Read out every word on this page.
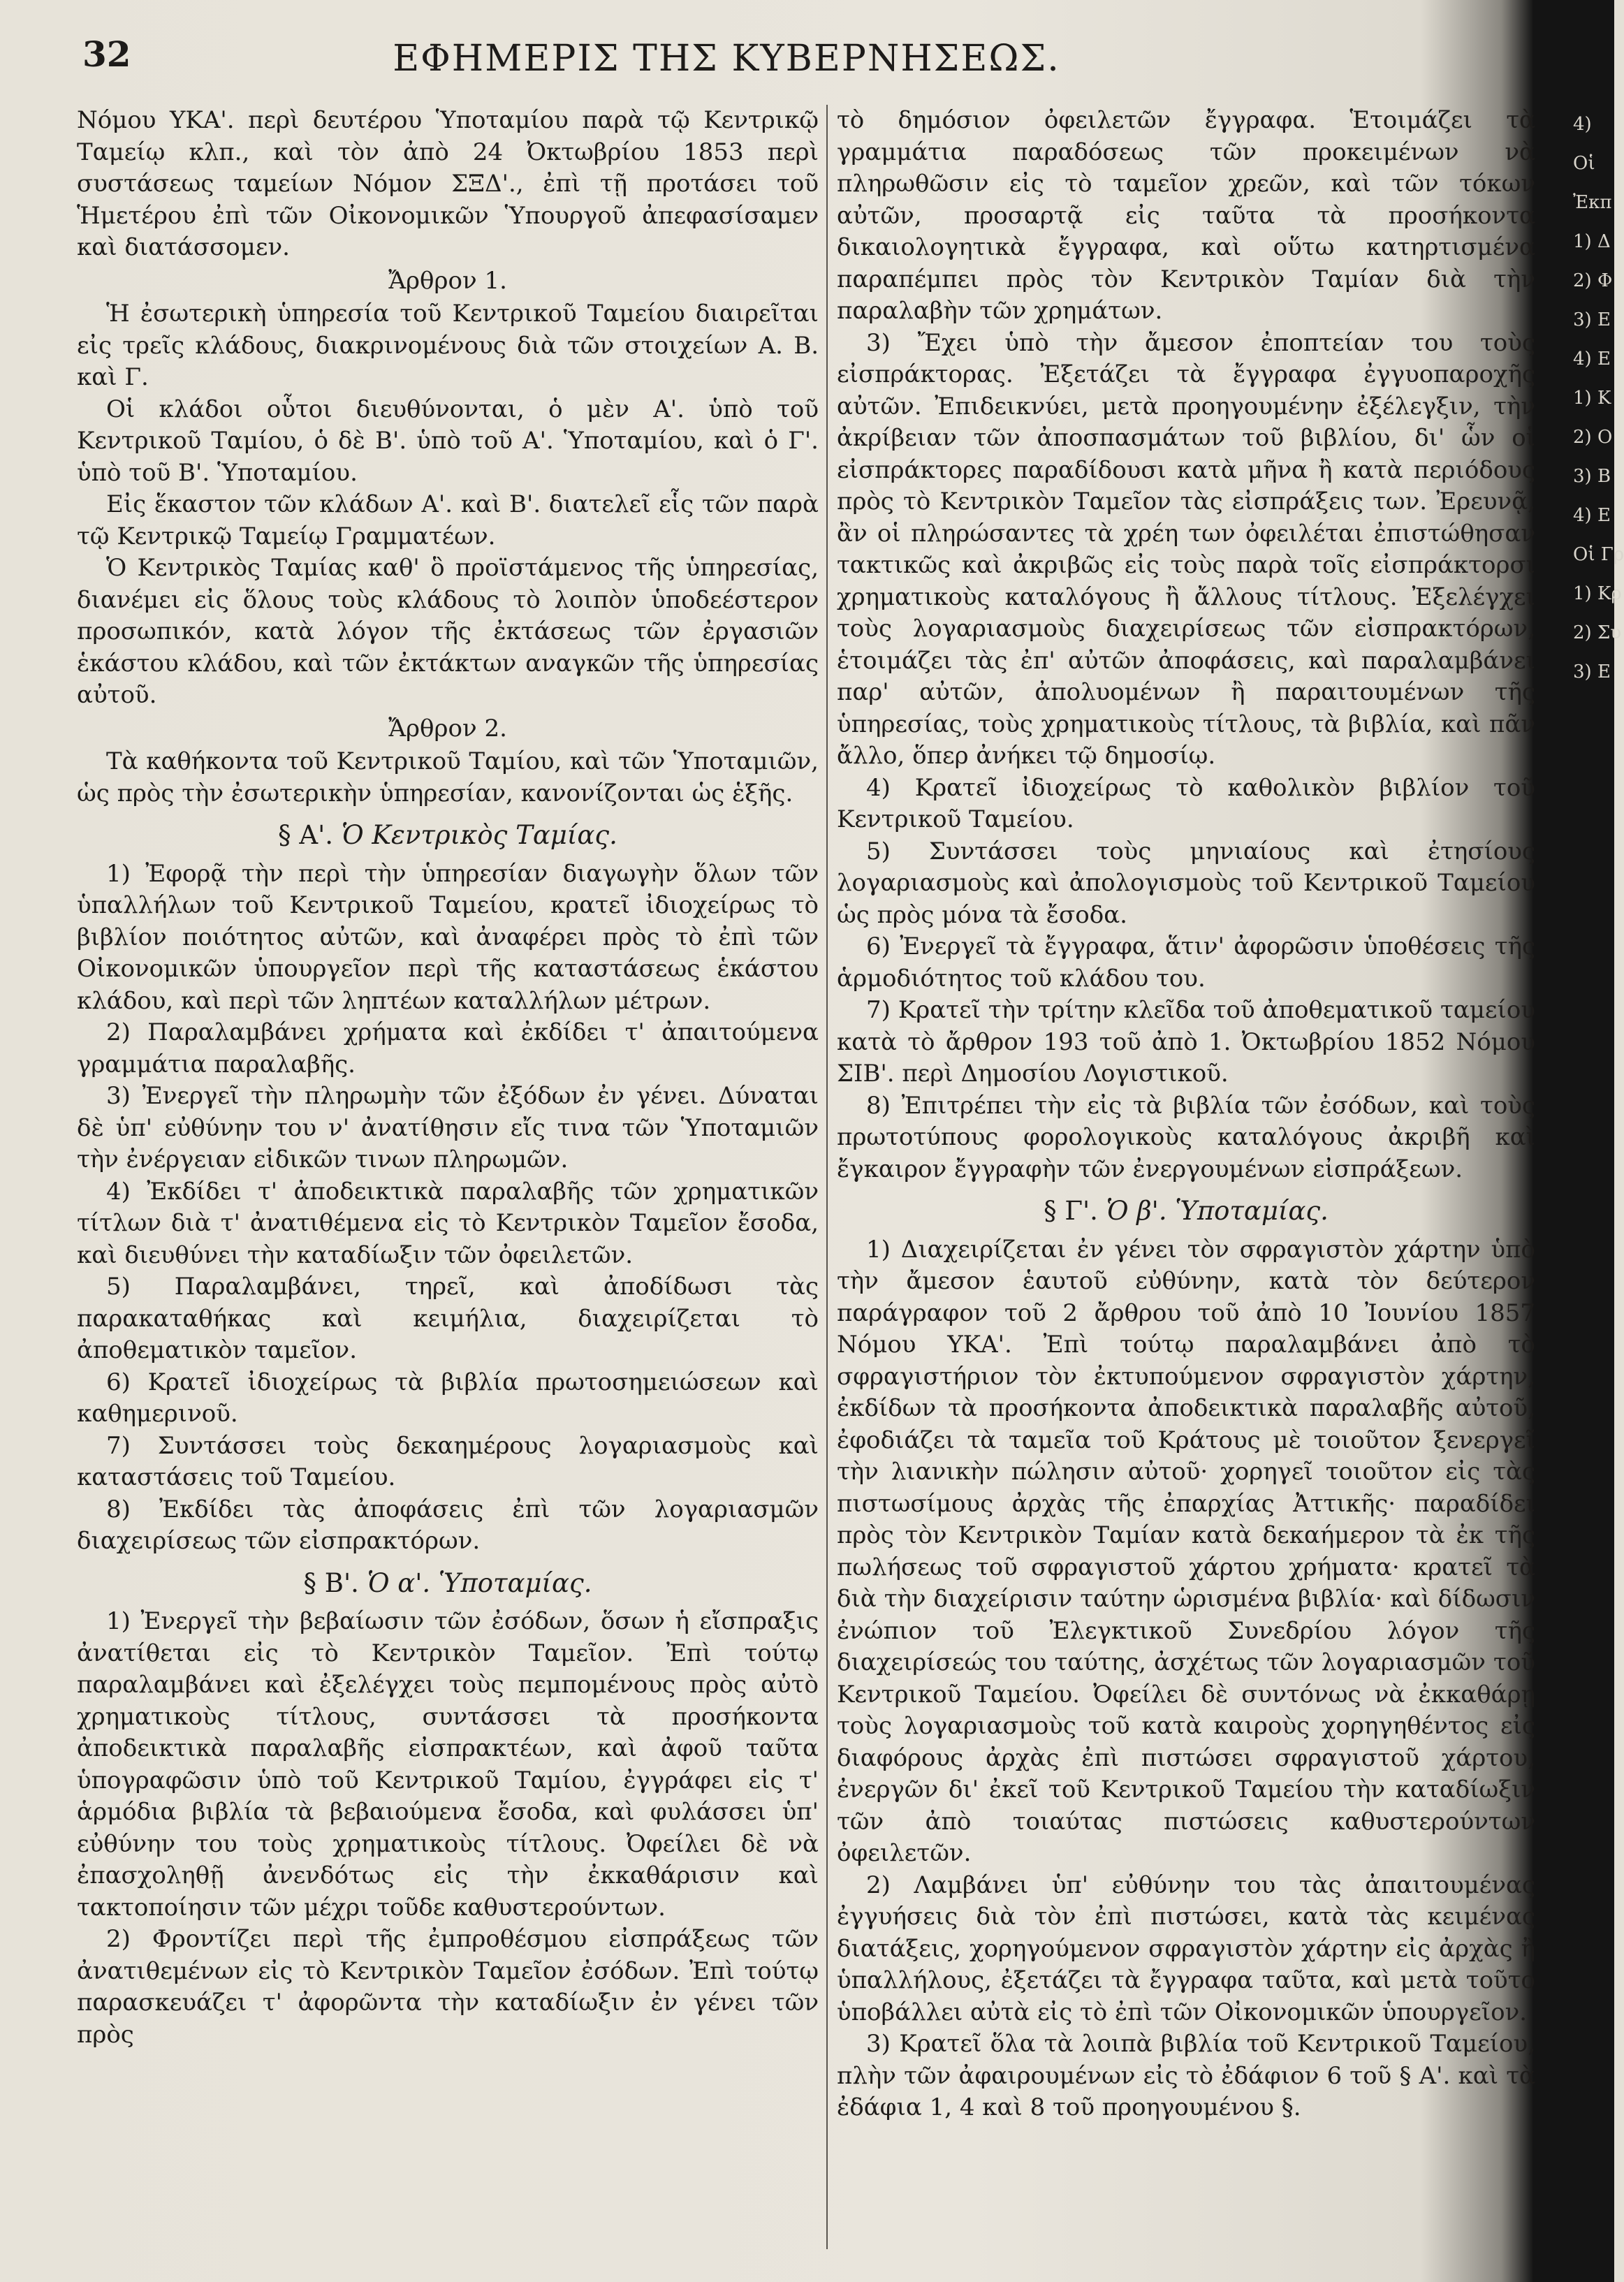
32	ΕΦΗΜΕΡΙΣ ΤΗΣ ΚΥΒΕΡΝΗΣΕΩΣ.

Νόμου ΥΚΑ'. περὶ δευτέρου Ὑποταμίου παρὰ τῷ Κεντρικῷ Ταμείῳ κλπ., καὶ τὸν ἀπὸ 24 Ὀκτωβρίου 1853 περὶ συστάσεως ταμείων Νόμον ΣΞΔ'., ἐπὶ τῇ προτάσει τοῦ Ἡμετέρου ἐπὶ τῶν Οἰκονομικῶν Ὑπουργοῦ ἀπεφασίσαμεν καὶ διατάσσομεν.

Ἄρθρον 1.

Ἡ ἐσωτερικὴ ὑπηρεσία τοῦ Κεντρικοῦ Ταμείου διαιρεῖται εἰς τρεῖς κλάδους, διακρινομένους διὰ τῶν στοιχείων Α. Β. καὶ Γ.

Οἱ κλάδοι οὗτοι διευθύνονται, ὁ μὲν Α'. ὑπὸ τοῦ Κεντρικοῦ Ταμίου, ὁ δὲ Β'. ὑπὸ τοῦ Α'. Ὑποταμίου, καὶ ὁ Γ'. ὑπὸ τοῦ Β'. Ὑποταμίου.

Εἰς ἕκαστον τῶν κλάδων Α'. καὶ Β'. διατελεῖ εἷς τῶν παρὰ τῷ Κεντρικῷ Ταμείῳ Γραμματέων.

Ὁ Κεντρικὸς Ταμίας καθ' ὃ προϊστάμενος τῆς ὑπηρεσίας, διανέμει εἰς ὅλους τοὺς κλάδους τὸ λοιπὸν ὑποδεέστερον προσωπικόν, κατὰ λόγον τῆς ἐκτάσεως τῶν ἐργασιῶν ἑκάστου κλάδου, καὶ τῶν ἐκτάκτων αναγκῶν τῆς ὑπηρεσίας αὐτοῦ.

Ἄρθρον 2.

Τὰ καθήκοντα τοῦ Κεντρικοῦ Ταμίου, καὶ τῶν Ὑποταμιῶν, ὡς πρὸς τὴν ἐσωτερικὴν ὑπηρεσίαν, κανονίζονται ὡς ἑξῆς.

§ Α'. Ὁ Κεντρικὸς Ταμίας.

1) Ἐφορᾷ τὴν περὶ τὴν ὑπηρεσίαν διαγωγὴν ὅλων τῶν ὑπαλλήλων τοῦ Κεντρικοῦ Ταμείου, κρατεῖ ἰδιοχείρως τὸ βιβλίον ποιότητος αὐτῶν, καὶ ἀναφέρει πρὸς τὸ ἐπὶ τῶν Οἰκονομικῶν ὑπουργεῖον περὶ τῆς καταστάσεως ἑκάστου κλάδου, καὶ περὶ τῶν ληπτέων καταλλήλων μέτρων.

2) Παραλαμβάνει χρήματα καὶ ἐκδίδει τ' ἀπαιτούμενα γραμμάτια παραλαβῆς.

3) Ἐνεργεῖ τὴν πληρωμὴν τῶν ἐξόδων ἐν γένει. Δύναται δὲ ὑπ' εὐθύνην του ν' ἀνατίθησιν εἴς τινα τῶν Ὑποταμιῶν τὴν ἐνέργειαν εἰδικῶν τινων πληρωμῶν.

4) Ἐκδίδει τ' ἀποδεικτικὰ παραλαβῆς τῶν χρηματικῶν τίτλων διὰ τ' ἀνατιθέμενα εἰς τὸ Κεντρικὸν Ταμεῖον ἔσοδα, καὶ διευθύνει τὴν καταδίωξιν τῶν ὀφειλετῶν.

5) Παραλαμβάνει, τηρεῖ, καὶ ἀποδίδωσι τὰς παρακαταθήκας καὶ κειμήλια, διαχειρίζεται τὸ ἀποθεματικὸν ταμεῖον.

6) Κρατεῖ ἰδιοχείρως τὰ βιβλία πρωτοσημειώσεων καὶ καθημερινοῦ.

7) Συντάσσει τοὺς δεκαημέρους λογαριασμοὺς καὶ καταστάσεις τοῦ Ταμείου.

8) Ἐκδίδει τὰς ἀποφάσεις ἐπὶ τῶν λογαριασμῶν διαχειρίσεως τῶν εἰσπρακτόρων.

§ Β'. Ὁ α'. Ὑποταμίας.

1) Ἐνεργεῖ τὴν βεβαίωσιν τῶν ἐσόδων, ὅσων ἡ εἴσπραξις ἀνατίθεται εἰς τὸ Κεντρικὸν Ταμεῖον. Ἐπὶ τούτῳ παραλαμβάνει καὶ ἐξελέγχει τοὺς πεμπομένους πρὸς αὐτὸ χρηματικοὺς τίτλους, συντάσσει τὰ προσήκοντα ἀποδεικτικὰ παραλαβῆς εἰσπρακτέων, καὶ ἀφοῦ ταῦτα ὑπογραφῶσιν ὑπὸ τοῦ Κεντρικοῦ Ταμίου, ἐγγράφει εἰς τ' ἁρμόδια βιβλία τὰ βεβαιούμενα ἔσοδα, καὶ φυλάσσει ὑπ' εὐθύνην του τοὺς χρηματικοὺς τίτλους. Ὀφείλει δὲ νὰ ἐπασχοληθῇ ἀνενδότως εἰς τὴν ἐκκαθάρισιν καὶ τακτοποίησιν τῶν μέχρι τοῦδε καθυστερούντων.

2) Φροντίζει περὶ τῆς ἐμπροθέσμου εἰσπράξεως τῶν ἀνατιθεμένων εἰς τὸ Κεντρικὸν Ταμεῖον ἐσόδων. Ἐπὶ τούτῳ παρασκευάζει τ' ἀφορῶντα τὴν καταδίωξιν ἐν γένει τῶν πρὸς

τὸ δημόσιον ὀφειλετῶν ἔγγραφα. Ἑτοιμάζει τὰ γραμμάτια παραδόσεως τῶν προκειμένων νὰ πληρωθῶσιν εἰς τὸ ταμεῖον χρεῶν, καὶ τῶν τόκων αὐτῶν, προσαρτᾷ εἰς ταῦτα τὰ προσήκοντα δικαιολογητικὰ ἔγγραφα, καὶ οὕτω κατηρτισμένα παραπέμπει πρὸς τὸν Κεντρικὸν Ταμίαν διὰ τὴν παραλαβὴν τῶν χρημάτων.

3) Ἔχει ὑπὸ τὴν ἄμεσον ἐποπτείαν του τοὺς εἰσπράκτορας. Ἐξετάζει τὰ ἔγγραφα ἐγγυοπαροχῆς αὐτῶν. Ἐπιδεικνύει, μετὰ προηγουμένην ἐξέλεγξιν, τὴν ἀκρίβειαν τῶν ἀποσπασμάτων τοῦ βιβλίου, δι' ὧν οἱ εἰσπράκτορες παραδίδουσι κατὰ μῆνα ἢ κατὰ περιόδους πρὸς τὸ Κεντρικὸν Ταμεῖον τὰς εἰσπράξεις των. Ἐρευνᾷ, ἂν οἱ πληρώσαντες τὰ χρέη των ὀφειλέται ἐπιστώθησαν τακτικῶς καὶ ἀκριβῶς εἰς τοὺς παρὰ τοῖς εἰσπράκτορσι χρηματικοὺς καταλόγους ἢ ἄλλους τίτλους. Ἐξελέγχει τοὺς λογαριασμοὺς διαχειρίσεως τῶν εἰσπρακτόρων, ἑτοιμάζει τὰς ἐπ' αὐτῶν ἀποφάσεις, καὶ παραλαμβάνει παρ' αὐτῶν, ἀπολυομένων ἢ παραιτουμένων τῆς ὑπηρεσίας, τοὺς χρηματικοὺς τίτλους, τὰ βιβλία, καὶ πᾶν ἄλλο, ὅπερ ἀνήκει τῷ δημοσίῳ.

4) Κρατεῖ ἰδιοχείρως τὸ καθολικὸν βιβλίον τοῦ Κεντρικοῦ Ταμείου.

5) Συντάσσει τοὺς μηνιαίους καὶ ἐτησίους λογαριασμοὺς καὶ ἀπολογισμοὺς τοῦ Κεντρικοῦ Ταμείου ὡς πρὸς μόνα τὰ ἔσοδα.

6) Ἐνεργεῖ τὰ ἔγγραφα, ἅτιν' ἀφορῶσιν ὑποθέσεις τῆς ἁρμοδιότητος τοῦ κλάδου του.

7) Κρατεῖ τὴν τρίτην κλεῖδα τοῦ ἀποθεματικοῦ ταμείου κατὰ τὸ ἄρθρον 193 τοῦ ἀπὸ 1. Ὀκτωβρίου 1852 Νόμου ΣΙΒ'. περὶ Δημοσίου Λογιστικοῦ.

8) Ἐπιτρέπει τὴν εἰς τὰ βιβλία τῶν ἐσόδων, καὶ τοὺς πρωτοτύπους φορολογικοὺς καταλόγους ἀκριβῆ καὶ ἔγκαιρον ἔγγραφὴν τῶν ἐνεργουμένων εἰσπράξεων.

§ Γ'. Ὁ β'. Ὑποταμίας.

1) Διαχειρίζεται ἐν γένει τὸν σφραγιστὸν χάρτην ὑπὸ τὴν ἄμεσον ἑαυτοῦ εὐθύνην, κατὰ τὸν δεύτερον παράγραφον τοῦ 2 ἄρθρου τοῦ ἀπὸ 10 Ἰουνίου 1857 Νόμου ΥΚΑ'. Ἐπὶ τούτῳ παραλαμβάνει ἀπὸ τὸ σφραγιστήριον τὸν ἐκτυπούμενον σφραγιστὸν χάρτην, ἐκδίδων τὰ προσήκοντα ἀποδεικτικὰ παραλαβῆς αὐτοῦ, ἐφοδιάζει τὰ ταμεῖα τοῦ Κράτους μὲ τοιοῦτον ξενεργεῖ τὴν λιανικὴν πώλησιν αὐτοῦ· χορηγεῖ τοιοῦτον εἰς τὰς πιστωσίμους ἀρχὰς τῆς ἐπαρχίας Ἀττικῆς· παραδίδει πρὸς τὸν Κεντρικὸν Ταμίαν κατὰ δεκαήμερον τὰ ἐκ τῆς πωλήσεως τοῦ σφραγιστοῦ χάρτου χρήματα· κρατεῖ τὰ διὰ τὴν διαχείρισιν ταύτην ὡρισμένα βιβλία· καὶ δίδωσιν ἐνώπιον τοῦ Ἐλεγκτικοῦ Συνεδρίου λόγον τῆς διαχειρίσεώς του ταύτης, ἀσχέτως τῶν λογαριασμῶν τοῦ Κεντρικοῦ Ταμείου. Ὀφείλει δὲ συντόνως νὰ ἐκκαθάρῃ τοὺς λογαριασμοὺς τοῦ κατὰ καιροὺς χορηγηθέντος εἰς διαφόρους ἀρχὰς ἐπὶ πιστώσει σφραγιστοῦ χάρτου, ἐνεργῶν δι' ἐκεῖ τοῦ Κεντρικοῦ Ταμείου τὴν καταδίωξιν τῶν ἀπὸ τοιαύτας πιστώσεις καθυστερούντων ὀφειλετῶν.

2) Λαμβάνει ὑπ' εὐθύνην του τὰς ἀπαιτουμένας ἐγγυήσεις διὰ τὸν ἐπὶ πιστώσει, κατὰ τὰς κειμένας διατάξεις, χορηγούμενον σφραγιστὸν χάρτην εἰς ἀρχὰς ἢ ὑπαλλήλους, ἐξετάζει τὰ ἔγγραφα ταῦτα, καὶ μετὰ τοῦτο ὑποβάλλει αὐτὰ εἰς τὸ ἐπὶ τῶν Οἰκονομικῶν ὑπουργεῖον.

3) Κρατεῖ ὅλα τὰ λοιπὰ βιβλία τοῦ Κεντρικοῦ Ταμείου, πλὴν τῶν ἀφαιρουμένων εἰς τὸ ἐδάφιον 6 τοῦ § Α'. καὶ τὰ ἐδάφια 1, 4 καὶ 8 τοῦ προηγουμένου §.

4)
Οἱ
Ἐκπ
1) Δ
2) Φ
3) Ε
4) Ε
1) Κ
2) Ο
3) Β
4) Ε
Οἱ Γρ
1) Κρ
2) Συ
3) Ε
